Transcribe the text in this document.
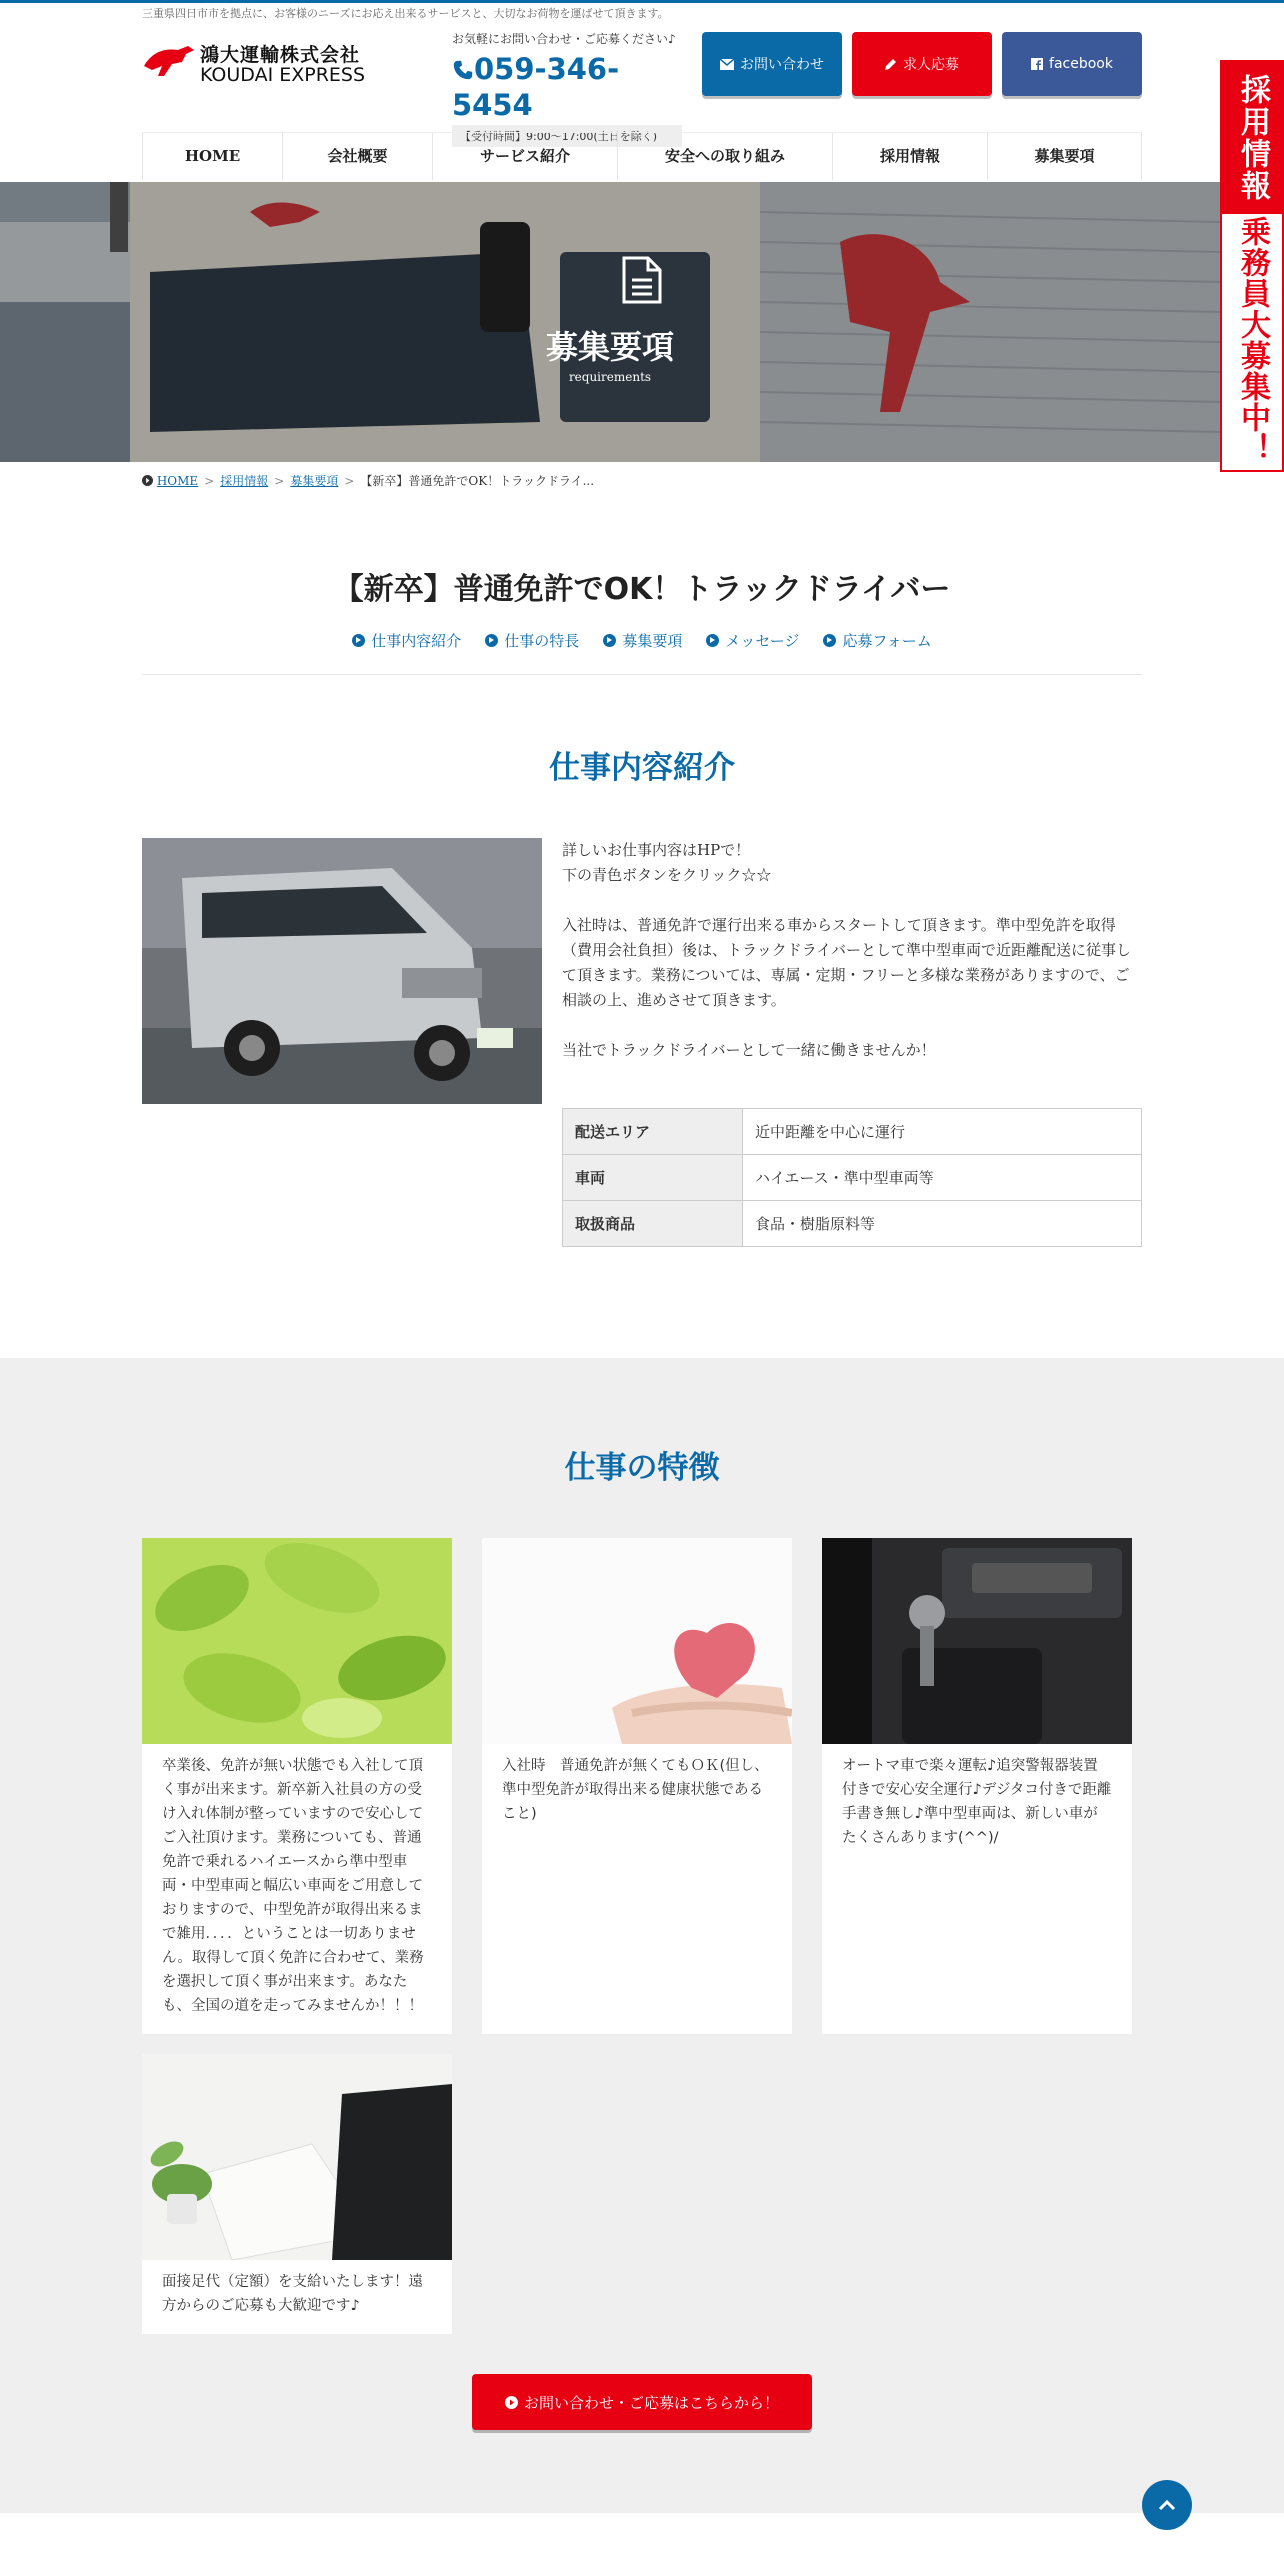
三重県四日市市を拠点に、お客様のニーズにお応え出来るサービスと、大切なお荷物を運ばせて頂きます。
鴻大運輸株式会社
KOUDAI EXPRESS
お気軽にお問い合わせ・ご応募ください♪
059-346-5454
【受付時間】9:00～17:00(土日を除く)
お問い合わせ	求人応募	facebook
HOME	会社概要	サービス紹介	安全への取り組み	採用情報	募集要項
募集要項
requirements
採用情報
乗務員大募集中！
HOME > 採用情報 > 募集要項 > 【新卒】普通免許でOK！トラックドライ...
【新卒】普通免許でOK！トラックドライバー
仕事内容紹介	仕事の特長	募集要項	メッセージ	応募フォーム
仕事内容紹介

詳しいお仕事内容はHPで！
下の青色ボタンをクリック☆☆

入社時は、普通免許で運行出来る車からスタートして頂きます。準中型免許を取得（費用会社負担）後は、トラックドライバーとして準中型車両で近距離配送に従事して頂きます。業務については、専属・定期・フリーと多様な業務がありますので、ご相談の上、進めさせて頂きます。

当社でトラックドライバーとして一緒に働きませんか！

配送エリア	近中距離を中心に運行
車両	ハイエース・準中型車両等
取扱商品	食品・樹脂原料等
仕事の特徴
卒業後、免許が無い状態でも入社して頂く事が出来ます。新卒新入社員の方の受け入れ体制が整っていますので安心してご入社頂けます。業務についても、普通免許で乗れるハイエースから準中型車両・中型車両と幅広い車両をご用意しておりますので、中型免許が取得出来るまで雑用．．．．ということは一切ありません。取得して頂く免許に合わせて、業務を選択して頂く事が出来ます。あなたも、全国の道を走ってみませんか！！！
入社時　普通免許が無くてもＯＫ(但し、準中型免許が取得出来る健康状態であること)
オートマ車で楽々運転♪追突警報器装置付きで安心安全運行♪デジタコ付きで距離手書き無し♪準中型車両は、新しい車がたくさんあります(^^)/
面接足代（定額）を支給いたします！遠方からのご応募も大歓迎です♪
お問い合わせ・ご応募はこちらから！
